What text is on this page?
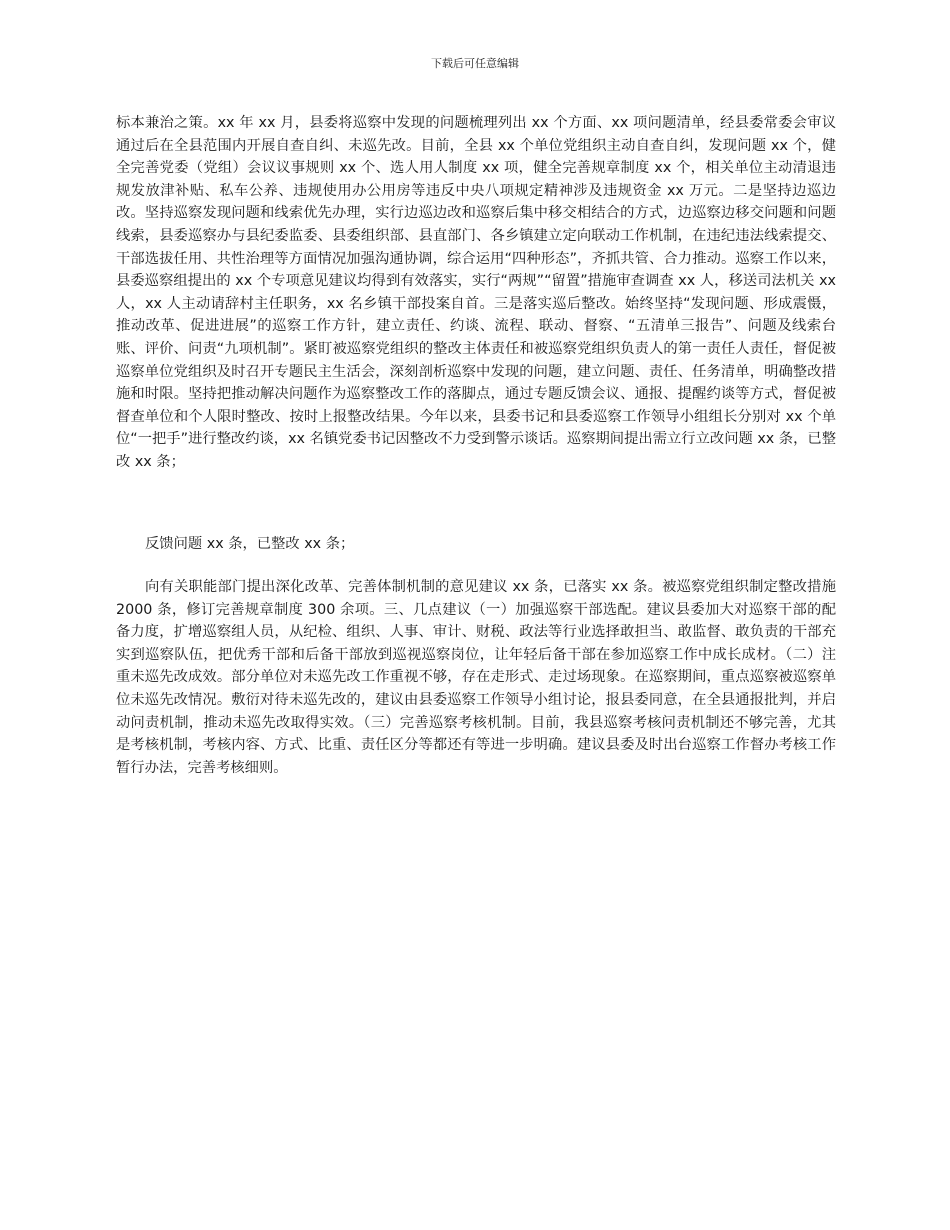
下载后可任意编辑

标本兼治之策。xx 年 xx 月，县委将巡察中发现的问题梳理列出 xx 个方面、xx 项问题清单，经县委常委会审议通过后在全县范围内开展自查自纠、未巡先改。目前，全县 xx 个单位党组织主动自查自纠，发现问题 xx 个，健全完善党委（党组）会议议事规则 xx 个、选人用人制度 xx 项，健全完善规章制度 xx 个，相关单位主动清退违规发放津补贴、私车公养、违规使用办公用房等违反中央八项规定精神涉及违规资金 xx 万元。二是坚持边巡边改。坚持巡察发现问题和线索优先办理，实行边巡边改和巡察后集中移交相结合的方式，边巡察边移交问题和问题线索，县委巡察办与县纪委监委、县委组织部、县直部门、各乡镇建立定向联动工作机制，在违纪违法线索提交、干部选拔任用、共性治理等方面情况加强沟通协调，综合运用“四种形态”，齐抓共管、合力推动。巡察工作以来，县委巡察组提出的 xx 个专项意见建议均得到有效落实，实行“两规”“留置”措施审查调查 xx 人，移送司法机关 xx 人，xx 人主动请辞村主任职务，xx 名乡镇干部投案自首。三是落实巡后整改。始终坚持“发现问题、形成震慑，推动改革、促进进展”的巡察工作方针，建立责任、约谈、流程、联动、督察、“五清单三报告”、问题及线索台账、评价、问责“九项机制”。紧盯被巡察党组织的整改主体责任和被巡察党组织负责人的第一责任人责任，督促被巡察单位党组织及时召开专题民主生活会，深刻剖析巡察中发现的问题，建立问题、责任、任务清单，明确整改措施和时限。坚持把推动解决问题作为巡察整改工作的落脚点，通过专题反馈会议、通报、提醒约谈等方式，督促被督查单位和个人限时整改、按时上报整改结果。今年以来，县委书记和县委巡察工作领导小组组长分别对 xx 个单位“一把手”进行整改约谈，xx 名镇党委书记因整改不力受到警示谈话。巡察期间提出需立行立改问题 xx 条，已整改 xx 条；

反馈问题 xx 条，已整改 xx 条；

向有关职能部门提出深化改革、完善体制机制的意见建议 xx 条，已落实 xx 条。被巡察党组织制定整改措施 2000 条，修订完善规章制度 300 余项。三、几点建议（一）加强巡察干部选配。建议县委加大对巡察干部的配备力度，扩增巡察组人员，从纪检、组织、人事、审计、财税、政法等行业选择敢担当、敢监督、敢负责的干部充实到巡察队伍，把优秀干部和后备干部放到巡视巡察岗位，让年轻后备干部在参加巡察工作中成长成材。（二）注重未巡先改成效。部分单位对未巡先改工作重视不够，存在走形式、走过场现象。在巡察期间，重点巡察被巡察单位未巡先改情况。敷衍对待未巡先改的，建议由县委巡察工作领导小组讨论，报县委同意，在全县通报批判，并启动问责机制，推动未巡先改取得实效。（三）完善巡察考核机制。目前，我县巡察考核问责机制还不够完善，尤其是考核机制，考核内容、方式、比重、责任区分等都还有等进一步明确。建议县委及时出台巡察工作督办考核工作暂行办法，完善考核细则。
